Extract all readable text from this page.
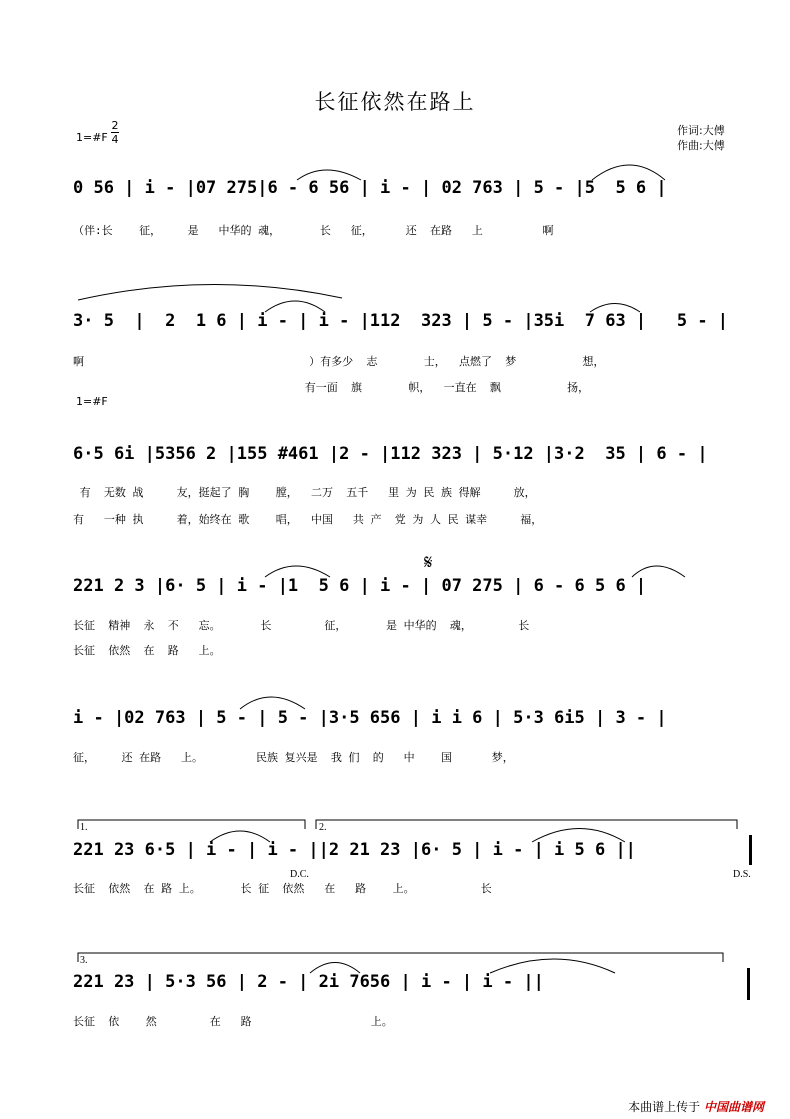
长征依然在路上
1=#F
2
4
作词:大傅
作曲:大傅
1=#F
0 56 | i - |07 275|6 - 6 56 | i - | 02 763 | 5 - |5  5 6 |
（伴:长    征，    是   中华的 魂，      长   征，     还  在路   上         啊
3· 5  |  2  1 6 | i - | i - |112  323 | 5 - |35i  7 63 |   5 - |
啊                                  ）有多少  志       士，  点燃了  梦          想，
有一面  旗       帜，  一直在  飘          扬，
6·5 6i |5356 2 |155 #461 |2 - |112 323 | 5·12 |3·2  35 | 6 - |
有  无数 战     友，挺起了 胸    膛，  二万  五千   里 为 民 族 得解     放，
有   一种 执     着，始终在 歌    唱，  中国   共 产  党 为 人 民 谋幸     福，
221 2 3 |6· 5 | i - |1  5 6 | i - | 07 275 | 6 - 6 5 6 |
长征  精神  永  不   忘。      长        征，      是 中华的  魂，       长
长征  依然  在  路   上。
i - |02 763 | 5 - | 5 - |3·5 656 | i i 6 | 5·3 6i5 | 3 - |
征，    还 在路   上。        民族 复兴是  我 们  的   中    国      梦，
221 23 6·5 | i - | i - ||2 21 23 |6· 5 | i - | i 5 6 ||
长征  依然  在 路 上。      长 征  依然   在   路    上。          长
221 23 | 5·3 56 | 2 - | 2i 7656 | i - | i - ||
长征  依    然        在   路                  上。
D.C.	D.S.
1.	2.
3.
𝄋
本曲谱上传于 中国曲谱网
